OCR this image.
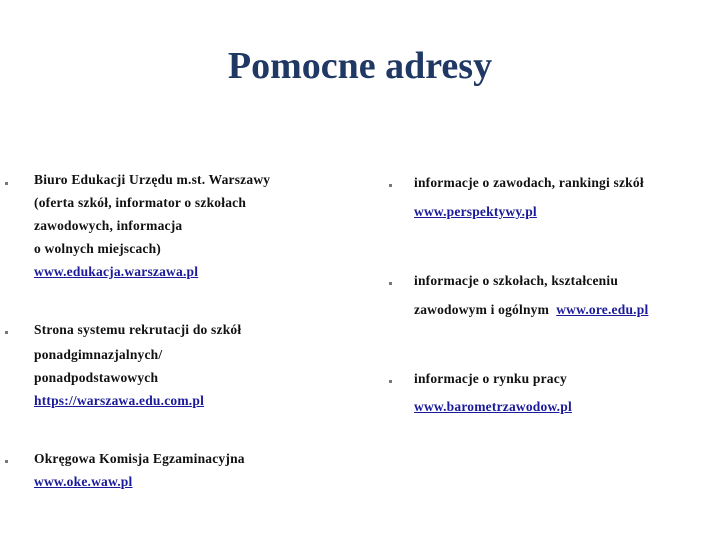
Pomocne adresy
Biuro Edukacji Urzędu m.st. Warszawy
(oferta szkół, informator o szkołach
zawodowych, informacja
o wolnych miejscach)
www.edukacja.warszawa.pl
Strona systemu rekrutacji do szkół
ponadgimnazjalnych/
ponadpodstawowych
https://warszawa.edu.com.pl
Okręgowa Komisja Egzaminacyjna
www.oke.waw.pl
informacje o zawodach, rankingi szkół
www.perspektywy.pl
informacje o szkołach, kształceniu
zawodowym i ogólnym www.ore.edu.pl
informacje o rynku pracy
www.barometrzawodow.pl
